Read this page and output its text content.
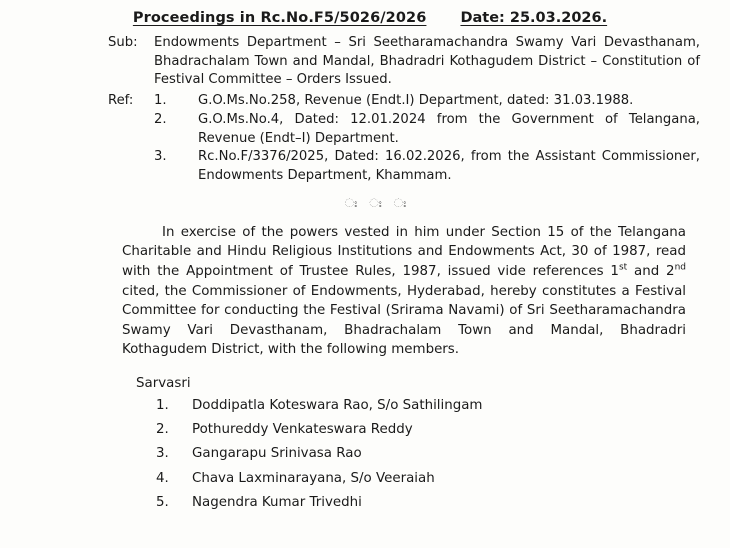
Proceedings in Rc.No.F5/5026/2026 Date: 25.03.2026.
Sub:	Endowments Department – Sri Seetharamachandra Swamy Vari Devasthanam, Bhadrachalam Town and Mandal, Bhadradri Kothagudem District – Constitution of Festival Committee – Orders Issued.
Ref:	1.	G.O.Ms.No.258, Revenue (Endt.I) Department, dated: 31.03.1988.
2.	G.O.Ms.No.4, Dated: 12.01.2024 from the Government of Telangana, Revenue (Endt–I) Department.
3.	Rc.No.F/3376/2025, Dated: 16.02.2026, from the Assistant Commissioner, Endowments Department, Khammam.
ಃ ಃ ಃ
In exercise of the powers vested in him under Section 15 of the Telangana Charitable and Hindu Religious Institutions and Endowments Act, 30 of 1987, read with the Appointment of Trustee Rules, 1987, issued vide references 1st and 2nd cited, the Commissioner of Endowments, Hyderabad, hereby constitutes a Festival Committee for conducting the Festival (Srirama Navami) of Sri Seetharamachandra Swamy Vari Devasthanam, Bhadrachalam Town and Mandal, Bhadradri Kothagudem District, with the following members.
Sarvasri
1.	Doddipatla Koteswara Rao, S/o Sathilingam
2.	Pothureddy Venkateswara Reddy
3.	Gangarapu Srinivasa Rao
4.	Chava Laxminarayana, S/o Veeraiah
5.	Nagendra Kumar Trivedhi
